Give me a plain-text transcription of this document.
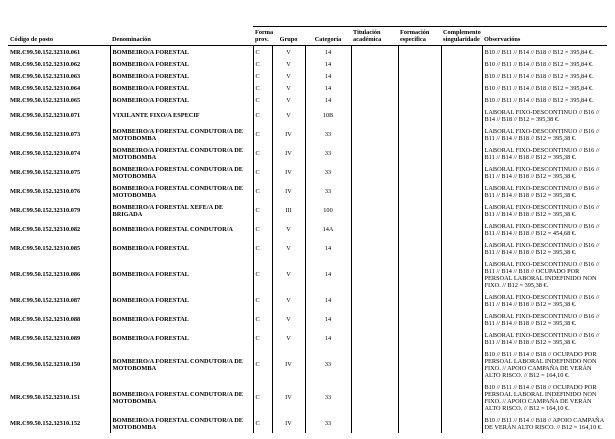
Código de posto	Denominación	Forma prov.	Grupo	Categoría	Titulación académica	Formación específica	Complemento singularidade	Observacións
MR.C99.50.152.32310.061	BOMBEIRO/A FORESTAL	C	V	14				B10 // B11 // B14 // B18 // B12 = 395,84 €.
MR.C99.50.152.32310.062	BOMBEIRO/A FORESTAL	C	V	14				B10 // B11 // B14 // B18 // B12 = 395,84 €.
MR.C99.50.152.32310.063	BOMBEIRO/A FORESTAL	C	V	14				B10 // B11 // B14 // B18 // B12 = 395,84 €.
MR.C99.50.152.32310.064	BOMBEIRO/A FORESTAL	C	V	14				B10 // B11 // B14 // B18 // B12 = 395,84 €.
MR.C99.50.152.32310.065	BOMBEIRO/A FORESTAL	C	V	14				B10 // B11 // B14 // B18 // B12 = 395,84 €.
MR.C99.50.152.32310.071	VIXILANTE FIXO/A ESPECIF	C	V	10B				LABORAL FIXO-DESCONTINUO // B16 // B14 // B18 // B12 = 395,38 €.
MR.C99.50.152.32310.073	BOMBEIRO/A FORESTAL CONDUTOR/A DE MOTOBOMBA	C	IV	33				LABORAL FIXO-DESCONTINUO // B16 // B11 // B14 // B18 // B12 = 395,38 €.
MR.C99.50.152.32310.074	BOMBEIRO/A FORESTAL CONDUTOR/A DE MOTOBOMBA	C	IV	33				LABORAL FIXO-DESCONTINUO // B16 // B11 // B14 // B18 // B12 = 395,38 €.
MR.C99.50.152.32310.075	BOMBEIRO/A FORESTAL CONDUTOR/A DE MOTOBOMBA	C	IV	33				LABORAL FIXO-DESCONTINUO // B16 // B11 // B14 // B18 // B12 = 395,38 €.
MR.C99.50.152.32310.076	BOMBEIRO/A FORESTAL CONDUTOR/A DE MOTOBOMBA	C	IV	33				LABORAL FIXO-DESCONTINUO // B16 // B11 // B14 // B18 // B12 = 395,38 €.
MR.C99.50.152.32310.079	BOMBEIRO/A FORESTAL XEFE/A DE BRIGADA	C	III	100				LABORAL FIXO-DESCONTINUO // B16 // B11 // B14 // B18 // B12 = 395,38 €.
MR.C99.50.152.32310.082	BOMBEIRO/A FORESTAL CONDUTOR/A	C	V	14A				LABORAL FIXO-DESCONTINUO // B16 // B11 // B14 // B18 // B12 = 454,68 €.
MR.C99.50.152.32310.085	BOMBEIRO/A FORESTAL	C	V	14				LABORAL FIXO-DESCONTINUO // B16 // B11 // B14 // B18 // B12 = 395,38 €.
MR.C99.50.152.32310.086	BOMBEIRO/A FORESTAL	C	V	14				LABORAL FIXO-DESCONTINUO // B16 // B11 // B14 // B18 // OCUPADO POR PERSOAL LABORAL INDEFINIDO NON FIXO. // B12 = 395,38 €.
MR.C99.50.152.32310.087	BOMBEIRO/A FORESTAL	C	V	14				LABORAL FIXO-DESCONTINUO // B16 // B11 // B14 // B18 // B12 = 395,38 €.
MR.C99.50.152.32310.088	BOMBEIRO/A FORESTAL	C	V	14				LABORAL FIXO-DESCONTINUO // B16 // B11 // B14 // B18 // B12 = 395,38 €.
MR.C99.50.152.32310.089	BOMBEIRO/A FORESTAL	C	V	14				LABORAL FIXO-DESCONTINUO // B16 // B11 // B14 // B18 // B12 = 395,38 €.
MR.C99.50.152.32310.150	BOMBEIRO/A FORESTAL CONDUTOR/A DE MOTOBOMBA	C	IV	33				B10 // B11 // B14 // B18 // OCUPADO POR PERSOAL LABORAL INDEFINIDO NON FIXO. // APOIO CAMPAÑA DE VERÁN ALTO RISCO. // B12 = 164,10 €.
MR.C99.50.152.32310.151	BOMBEIRO/A FORESTAL CONDUTOR/A DE MOTOBOMBA	C	IV	33				B10 // B11 // B14 // B18 // OCUPADO POR PERSOAL LABORAL INDEFINIDO NON FIXO. // APOIO CAMPAÑA DE VERÁN ALTO RISCO. // B12 = 164,10 €.
MR.C99.50.152.32310.152	BOMBEIRO/A FORESTAL CONDUTOR/A DE MOTOBOMBA	C	IV	33				B10 // B11 // B14 // B18 // APOIO CAMPAÑA DE VERÁN ALTO RISCO. // B12 = 164,10 €.
